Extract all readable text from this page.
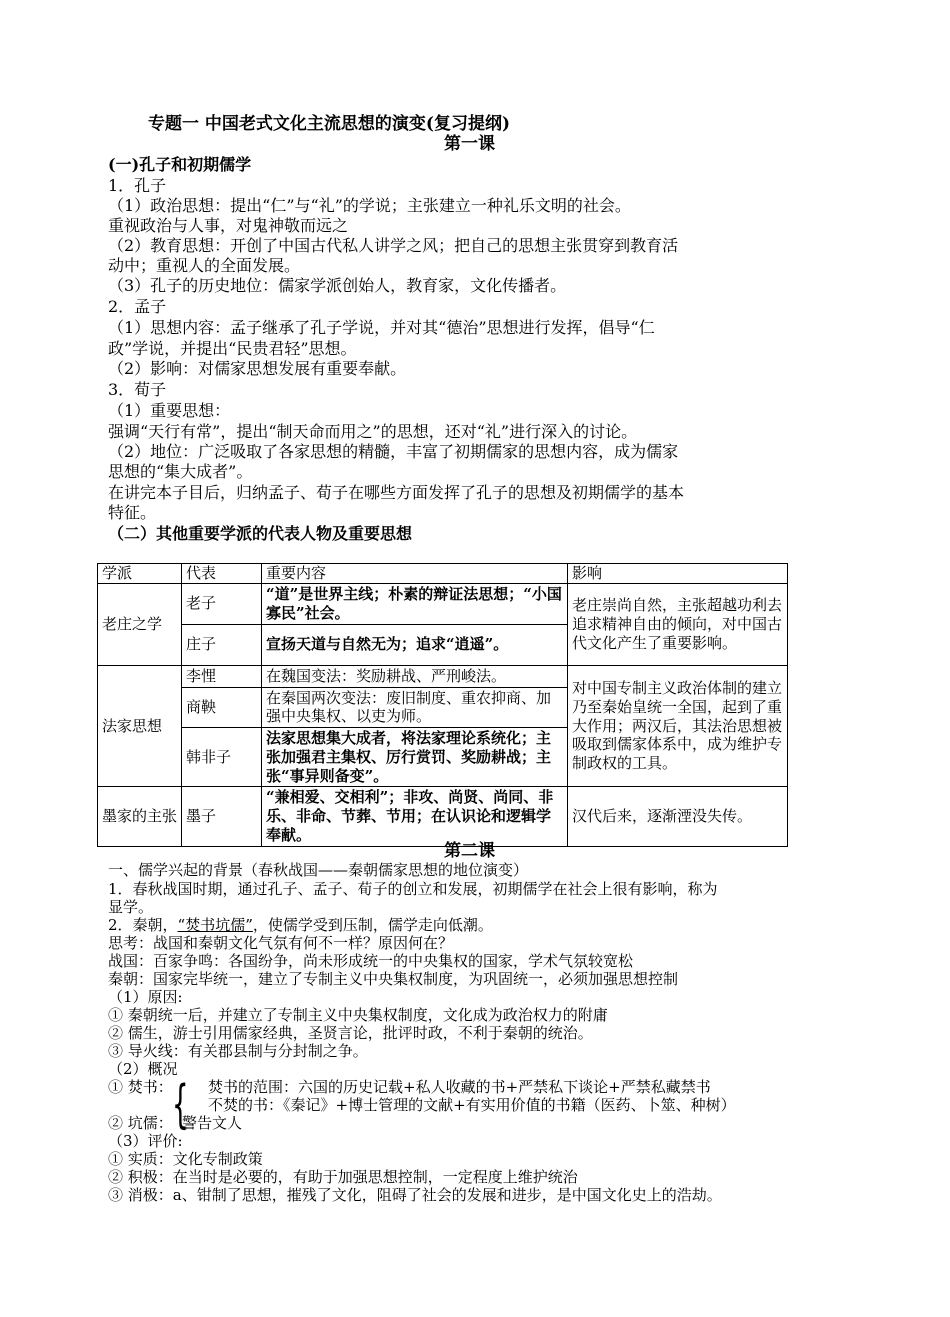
专题一 中国老式文化主流思想的演变(复习提纲)
第一课
(一)孔子和初期儒学
1．孔子
（1）政治思想：提出“仁”与“礼”的学说；主张建立一种礼乐文明的社会。
重视政治与人事，对鬼神敬而远之
（2）教育思想：开创了中国古代私人讲学之风；把自己的思想主张贯穿到教育活
动中；重视人的全面发展。
（3）孔子的历史地位：儒家学派创始人，教育家，文化传播者。
2．孟子
（1）思想内容：孟子继承了孔子学说，并对其“德治”思想进行发挥，倡导“仁
政”学说，并提出“民贵君轻”思想。
（2）影响：对儒家思想发展有重要奉献。
3．荀子
（1）重要思想：
强调“天行有常”，提出“制天命而用之”的思想，还对“礼”进行深入的讨论。
（2）地位：广泛吸取了各家思想的精髓，丰富了初期儒家的思想内容，成为儒家
思想的“集大成者”。
在讲完本子目后，归纳孟子、荀子在哪些方面发挥了孔子的思想及初期儒学的基本
特征。
（二）其他重要学派的代表人物及重要思想
学派	代表	重要内容	影响
老庄之学	老子	“道”是世界主线；朴素的辩证法思想；“小国寡民”社会。	老庄崇尚自然，主张超越功利去追求精神自由的倾向，对中国古代文化产生了重要影响。
	庄子	宣扬天道与自然无为；追求“逍遥”。	
法家思想	李悝	在魏国变法：奖励耕战、严刑峻法。	对中国专制主义政治体制的建立乃至秦始皇统一全国，起到了重大作用；两汉后，其法治思想被吸取到儒家体系中，成为维护专制政权的工具。
	商鞅	在秦国两次变法：废旧制度、重农抑商、加强中央集权、以吏为师。	
	韩非子	法家思想集大成者，将法家理论系统化；主张加强君主集权、厉行赏罚、奖励耕战；主张“事异则备变”。	
墨家的主张	墨子	“兼相爱、交相利”；非攻、尚贤、尚同、非乐、非命、节葬、节用；在认识论和逻辑学奉献。	汉代后来，逐渐湮没失传。
第二课
一、儒学兴起的背景（春秋战国——秦朝儒家思想的地位演变）
1．春秋战国时期，通过孔子、孟子、荀子的创立和发展，初期儒学在社会上很有影响，称为
显学。
2．秦朝，“焚书坑儒”，使儒学受到压制，儒学走向低潮。
思考：战国和秦朝文化气氛有何不一样？原因何在？
战国：百家争鸣：各国纷争，尚未形成统一的中央集权的国家，学术气氛较宽松
秦朝：国家完毕统一，建立了专制主义中央集权制度，为巩固统一，必须加强思想控制
（1）原因:
① 秦朝统一后，并建立了专制主义中央集权制度，文化成为政治权力的附庸
② 儒生，游士引用儒家经典，圣贤言论，批评时政，不利于秦朝的统治。
③ 导火线：有关郡县制与分封制之争。
（2）概况
① 焚书： 焚书的范围：六国的历史记载+私人收藏的书+严禁私下谈论+严禁私藏禁书
不焚的书：《秦记》+博士管理的文献+有实用价值的书籍（医药、卜筮、种树）
{
② 坑儒： 警告文人
（3）评价:
① 实质：文化专制政策
② 积极：在当时是必要的，有助于加强思想控制，一定程度上维护统治
③ 消极：a、钳制了思想，摧残了文化，阻碍了社会的发展和进步，是中国文化史上的浩劫。
